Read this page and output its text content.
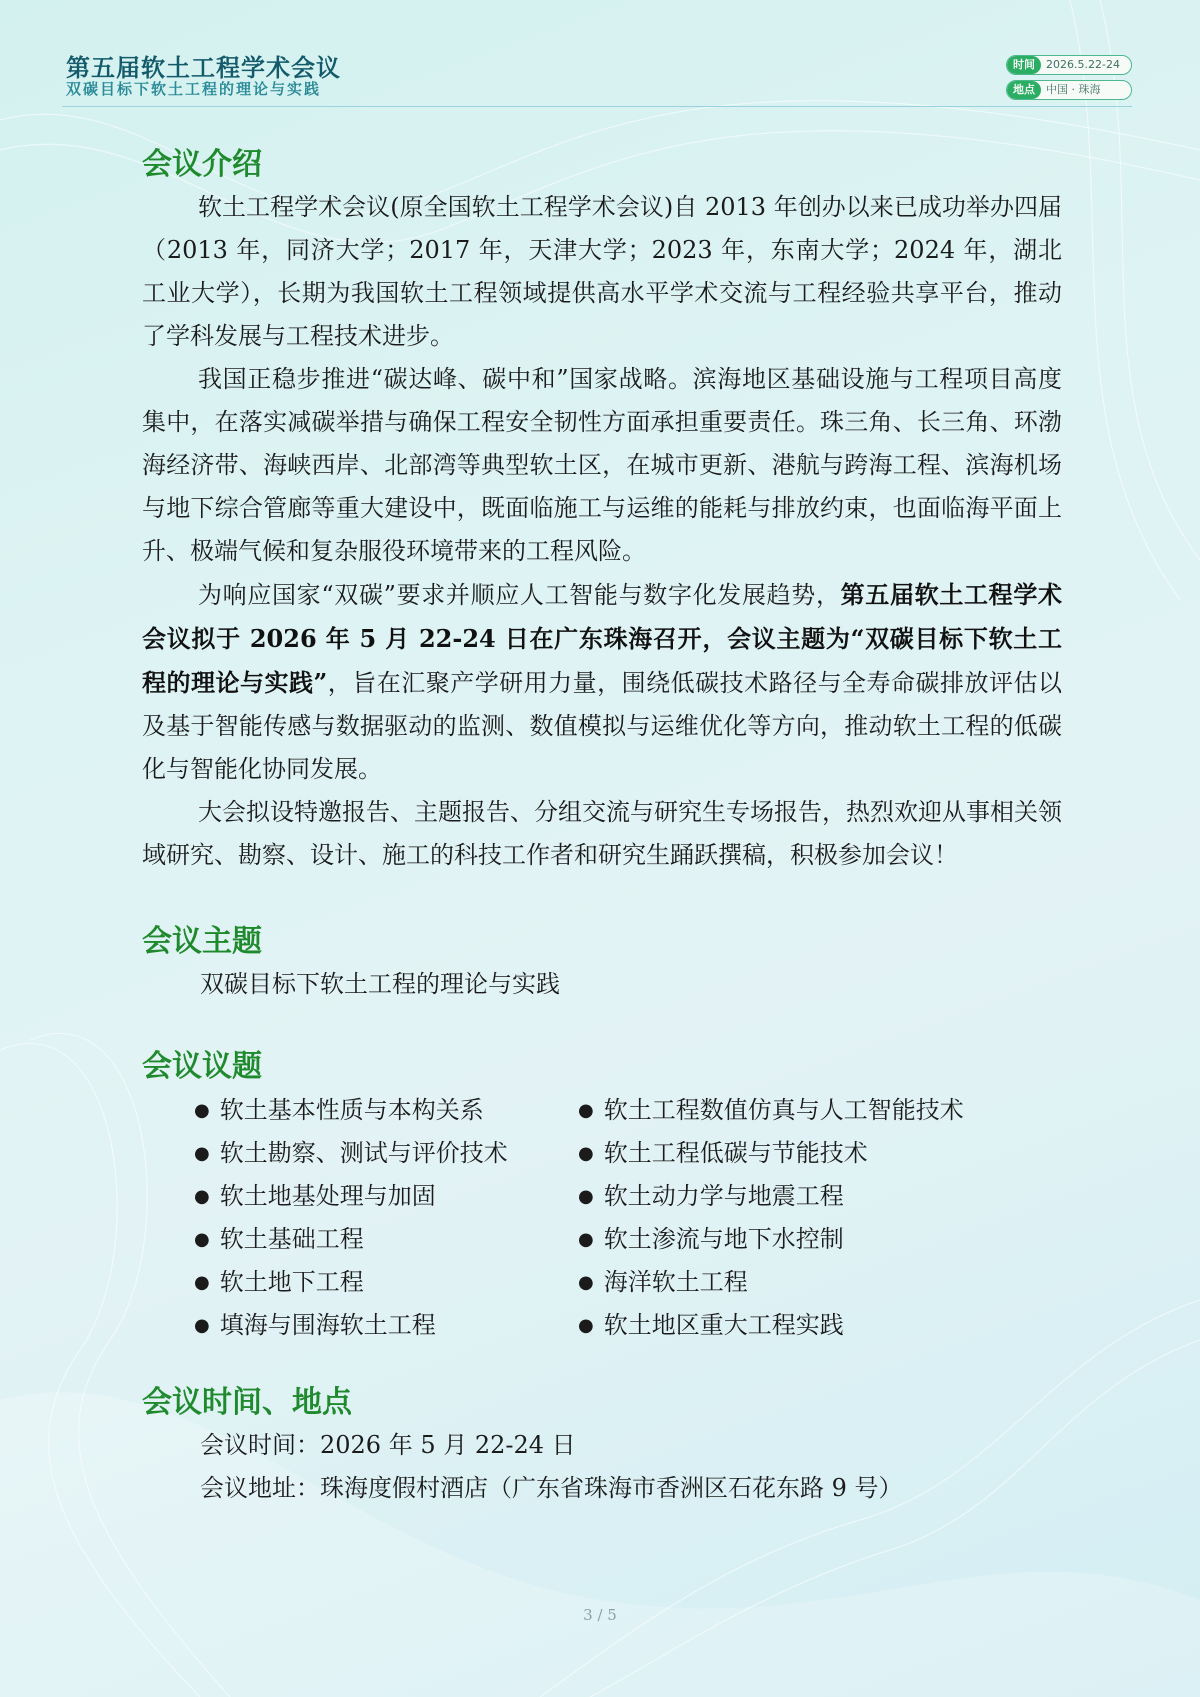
第五届软土工程学术会议
双碳目标下软土工程的理论与实践
时间 2026.5.22-24
地点 中国 · 珠海
会议介绍

软土工程学术会议(原全国软土工程学术会议)自 2013 年创办以来已成功举办四届（2013 年，同济大学；2017 年，天津大学；2023 年，东南大学；2024 年，湖北工业大学），长期为我国软土工程领域提供高水平学术交流与工程经验共享平台，推动了学科发展与工程技术进步。

我国正稳步推进“碳达峰、碳中和”国家战略。滨海地区基础设施与工程项目高度集中，在落实减碳举措与确保工程安全韧性方面承担重要责任。珠三角、长三角、环渤海经济带、海峡西岸、北部湾等典型软土区，在城市更新、港航与跨海工程、滨海机场与地下综合管廊等重大建设中，既面临施工与运维的能耗与排放约束，也面临海平面上升、极端气候和复杂服役环境带来的工程风险。

为响应国家“双碳”要求并顺应人工智能与数字化发展趋势，第五届软土工程学术会议拟于 2026 年 5 月 22-24 日在广东珠海召开，会议主题为“双碳目标下软土工程的理论与实践”，旨在汇聚产学研用力量，围绕低碳技术路径与全寿命碳排放评估以及基于智能传感与数据驱动的监测、数值模拟与运维优化等方向，推动软土工程的低碳化与智能化协同发展。

大会拟设特邀报告、主题报告、分组交流与研究生专场报告，热烈欢迎从事相关领域研究、勘察、设计、施工的科技工作者和研究生踊跃撰稿，积极参加会议！

会议主题

双碳目标下软土工程的理论与实践

会议议题
● 软土基本性质与本构关系
● 软土勘察、测试与评价技术
● 软土地基处理与加固
● 软土基础工程
● 软土地下工程
● 填海与围海软土工程
● 软土工程数值仿真与人工智能技术
● 软土工程低碳与节能技术
● 软土动力学与地震工程
● 软土渗流与地下水控制
● 海洋软土工程
● 软土地区重大工程实践
会议时间、地点

会议时间：2026 年 5 月 22-24 日

会议地址：珠海度假村酒店（广东省珠海市香洲区石花东路 9 号）

3 / 5
